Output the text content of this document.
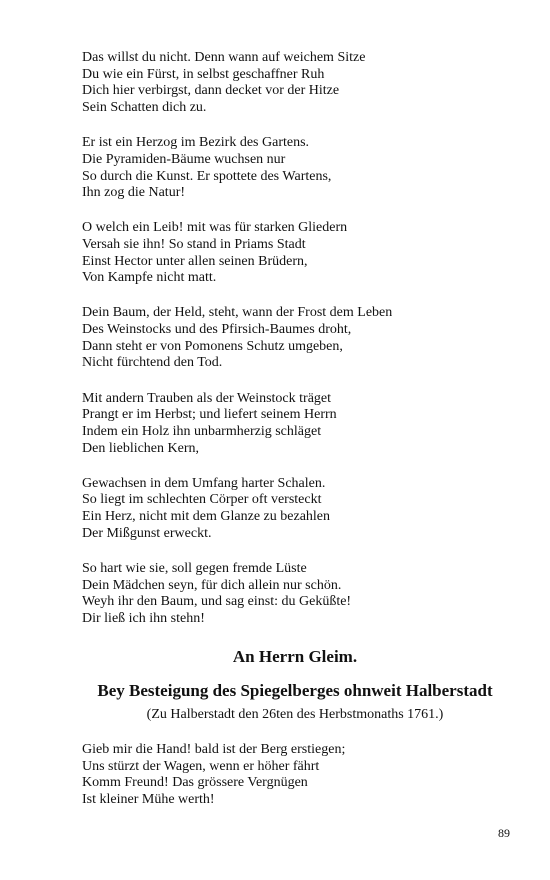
Das willst du nicht. Denn wann auf weichem Sitze
Du wie ein Fürst, in selbst geschaffner Ruh
Dich hier verbirgst, dann decket vor der Hitze
Sein Schatten dich zu.
Er ist ein Herzog im Bezirk des Gartens.
Die Pyramiden-Bäume wuchsen nur
So durch die Kunst. Er spottete des Wartens,
Ihn zog die Natur!
O welch ein Leib! mit was für starken Gliedern
Versah sie ihn! So stand in Priams Stadt
Einst Hector unter allen seinen Brüdern,
Von Kampfe nicht matt.
Dein Baum, der Held, steht, wann der Frost dem Leben
Des Weinstocks und des Pfirsich-Baumes droht,
Dann steht er von Pomonens Schutz umgeben,
Nicht fürchtend den Tod.
Mit andern Trauben als der Weinstock träget
Prangt er im Herbst; und liefert seinem Herrn
Indem ein Holz ihn unbarmherzig schläget
Den lieblichen Kern,
Gewachsen in dem Umfang harter Schalen.
So liegt im schlechten Cörper oft versteckt
Ein Herz, nicht mit dem Glanze zu bezahlen
Der Mißgunst erweckt.
So hart wie sie, soll gegen fremde Lüste
Dein Mädchen seyn, für dich allein nur schön.
Weyh ihr den Baum, und sag einst: du Geküßte!
Dir ließ ich ihn stehn!
An Herrn Gleim.
Bey Besteigung des Spiegelberges ohnweit Halberstadt
(Zu Halberstadt den 26ten des Herbstmonaths 1761.)
Gieb mir die Hand! bald ist der Berg erstiegen;
Uns stürzt der Wagen, wenn er höher fährt
Komm Freund! Das grössere Vergnügen
Ist kleiner Mühe werth!
89
